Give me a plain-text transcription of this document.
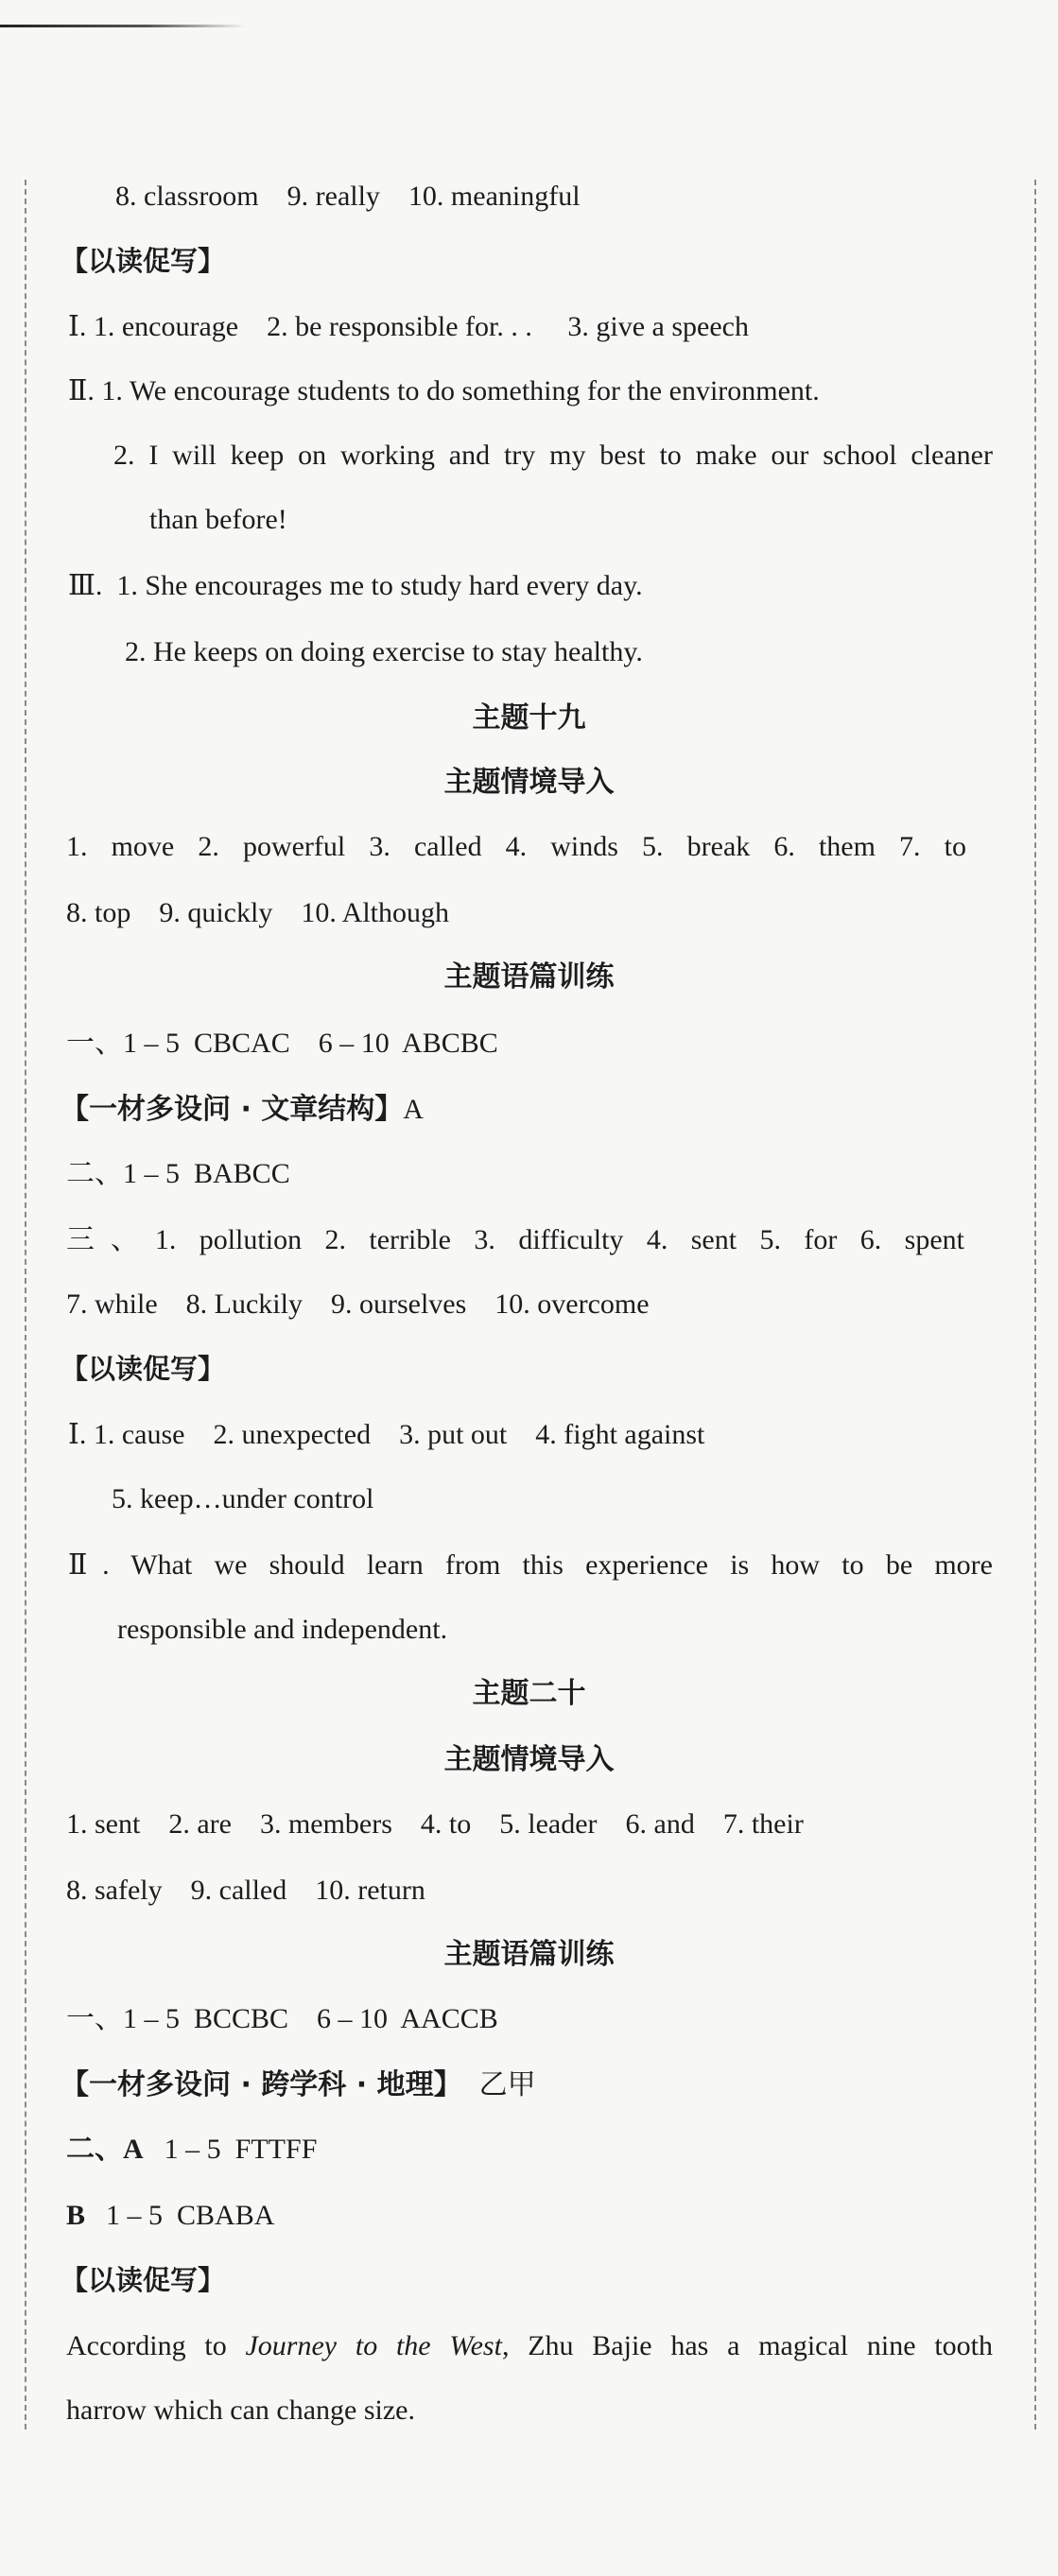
8. classroom    9. really    10. meaningful
【以读促写】
Ⅰ. 1. encourage    2. be responsible for. . .     3. give a speech
Ⅱ. 1. We encourage students to do something for the environment.
2. I will keep on working and try my best to make our school cleaner
than before!
Ⅲ.  1. She encourages me to study hard every day.
2. He keeps on doing exercise to stay healthy.
主题十九
主题情境导入
1. move 2. powerful 3. called 4. winds 5. break 6. them 7. to
8. top    9. quickly    10. Although
主题语篇训练
一、1 – 5  CBCAC    6 – 10  ABCBC
【一材多设问 · 文章结构】A
二、1 – 5  BABCC
三、1. pollution 2. terrible 3. difficulty 4. sent 5. for 6. spent
7. while    8. Luckily    9. ourselves    10. overcome
【以读促写】
Ⅰ. 1. cause    2. unexpected    3. put out    4. fight against
5. keep…under control
Ⅱ. What we should learn from this experience is how to be more
responsible and independent.
主题二十
主题情境导入
1. sent    2. are    3. members    4. to    5. leader    6. and    7. their
8. safely    9. called    10. return
主题语篇训练
一、1 – 5  BCCBC    6 – 10  AACCB
【一材多设问 · 跨学科 · 地理】 乙甲
二、A 1 – 5  FTTFF
B 1 – 5  CBABA
【以读促写】
According to Journey to the West, Zhu Bajie has a magical nine tooth
harrow which can change size.
